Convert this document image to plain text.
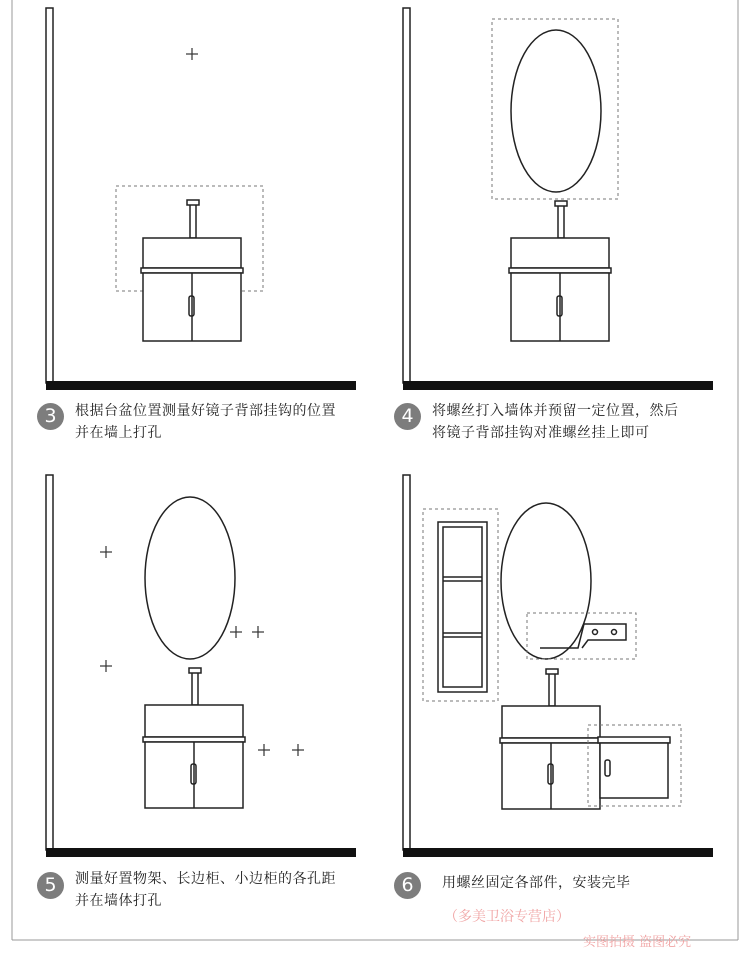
3	根据台盆位置测量好镜子背部挂钩的位置
并在墙上打孔
4	将螺丝打入墙体并预留一定位置，然后
将镜子背部挂钩对准螺丝挂上即可
5	测量好置物架、长边柜、小边柜的各孔距
并在墙体打孔
6	用螺丝固定各部件，安装完毕
（多美卫浴专营店）
实图拍摄 盗图必究
